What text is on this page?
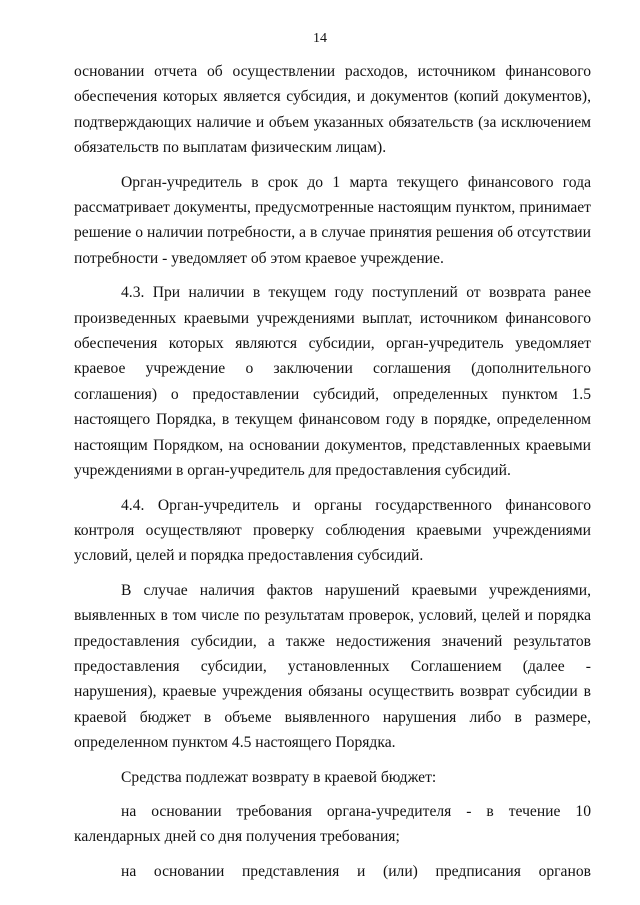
14

основании отчета об осуществлении расходов, источником финансового обеспечения которых является субсидия, и документов (копий документов), подтверждающих наличие и объем указанных обязательств (за исключением обязательств по выплатам физическим лицам).

Орган-учредитель в срок до 1 марта текущего финансового года рассматривает документы, предусмотренные настоящим пунктом, принимает решение о наличии потребности, а в случае принятия решения об отсутствии потребности - уведомляет об этом краевое учреждение.

4.3. При наличии в текущем году поступлений от возврата ранее произведенных краевыми учреждениями выплат, источником финансового обеспечения которых являются субсидии, орган-учредитель уведомляет краевое учреждение о заключении соглашения (дополнительного соглашения) о предоставлении субсидий, определенных пунктом 1.5 настоящего Порядка, в текущем финансовом году в порядке, определенном настоящим Порядком, на основании документов, представленных краевыми учреждениями в орган-учредитель для предоставления субсидий.

4.4. Орган-учредитель и органы государственного финансового контроля осуществляют проверку соблюдения краевыми учреждениями условий, целей и порядка предоставления субсидий.

В случае наличия фактов нарушений краевыми учреждениями, выявленных в том числе по результатам проверок, условий, целей и порядка предоставления субсидии, а также недостижения значений результатов предоставления субсидии, установленных Соглашением (далее - нарушения), краевые учреждения обязаны осуществить возврат субсидии в краевой бюджет в объеме выявленного нарушения либо в размере, определенном пунктом 4.5 настоящего Порядка.

Средства подлежат возврату в краевой бюджет:

на основании требования органа-учредителя - в течение 10 календарных дней со дня получения требования;

на основании представления и (или) предписания органов
